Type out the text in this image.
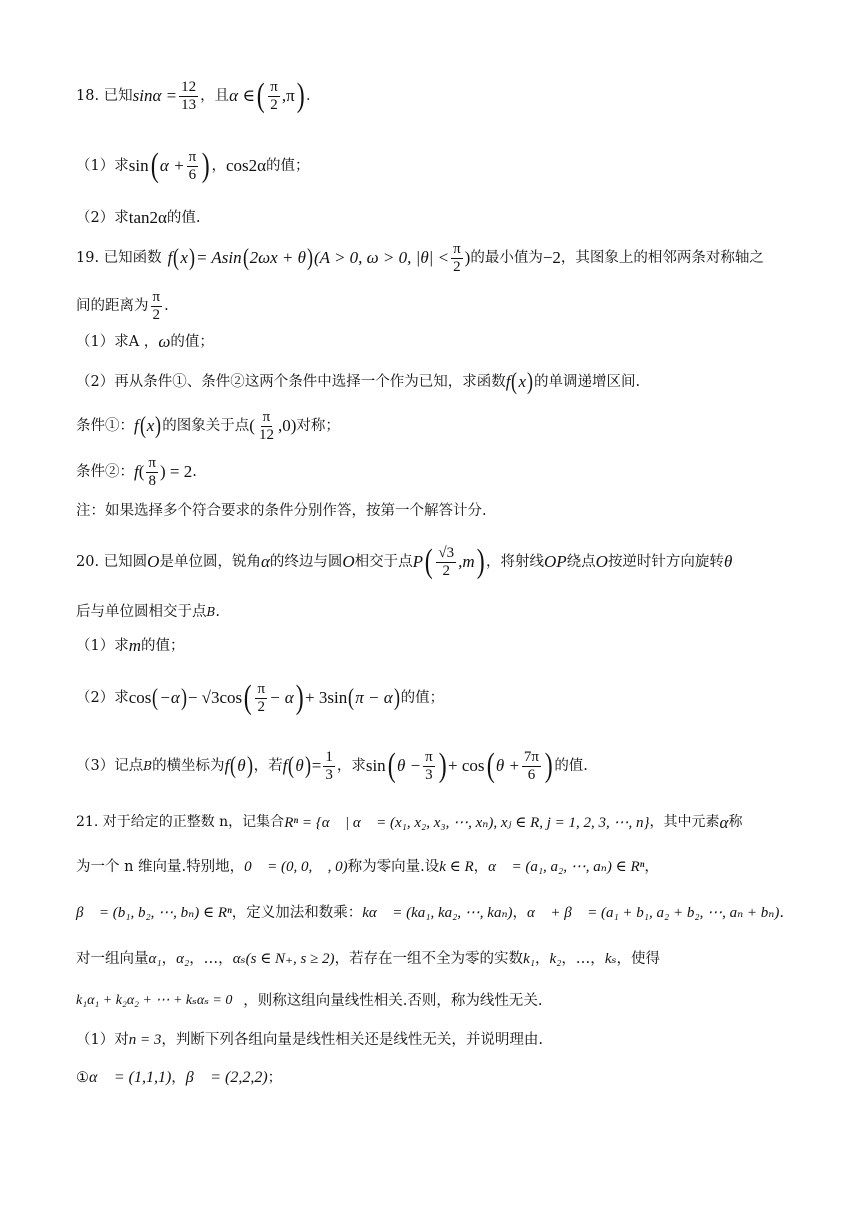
18. 已知 $\sin\alpha = \frac{12}{13}$ ，且 α ∈ ( $\frac{\pi}{2} ,\pi$ ) ．
（1）求 sin ( $\alpha + \frac{\pi}{6}$ ) ， cos2α 的值；
（2）求 tan2α 的值.
19. 已知函数 f ( x ) = Asin ( 2ωx + θ ) (A > 0, ω > 0, $|\theta| < \frac{\pi}{2}$ ) 的最小值为 −2 ，其图象上的相邻两条对称轴之
间的距离为 $\frac{\pi}{2}$ .
（1）求A ， ω 的值；
（2）再从条件①、条件②这两个条件中选择一个作为已知，求函数 f ( x ) 的单调递增区间.
条件①： f ( x ) 的图象关于点 ( $\frac{\pi}{12} ,0$) 对称；
条件②： f ( $\frac{\pi}{8}$ ) = 2 .
注：如果选择多个符合要求的条件分别作答，按第一个解答计分.
20. 已知圆 O 是单位圆，锐角 α 的终边与圆 O 相交于点 P ( $\frac{√3}{2} ,m$ ) ，将射线 OP 绕点 O 按逆时针方向旋转 θ
后与单位圆相交于点 B .
（1）求 m 的值；
（2）求 cos ( −α ) − √3cos ( $\frac{\pi}{2} - \alpha$ ) + 3sin ( π − α ) 的值；
（3）记点 B 的横坐标为 f ( θ ) ，若 f ( θ ) = $\frac{1}{3}$ ，求 sin ( $\theta - \frac{\pi}{3}$ ) + cos ( $\theta + \frac{7\pi}{6}$ ) 的值.
21. 对于给定的正整数 n，记集合 Rⁿ = {α⃗ | α⃗ = (x₁, x₂, x₃, ⋯, xₙ), xⱼ ∈ R, j = 1, 2, 3, ⋯, n} ，其中元素 α 称
为一个 n 维向量.特别地， 0⃗ = (0, 0, ⋯, 0) 称为零向量.设 k ∈ R ， α⃗ = (a₁, a₂, ⋯, aₙ) ∈ Rⁿ ，
β⃗ = (b₁, b₂, ⋯, bₙ) ∈ Rⁿ ，定义加法和数乘： kα⃗ = (ka₁, ka₂, ⋯, kaₙ) ， α⃗ + β⃗ = (a₁ + b₁, a₂ + b₂, ⋯, aₙ + bₙ) .
对一组向量 α₁ ， α₂ ，…， αₛ (s ∈ N₊, s ≥ 2) ，若存在一组不全为零的实数 k₁ ， k₂ ，…， kₛ ，使得
k₁α₁ + k₂α₂ + ⋯ + kₛαₛ = 0⃗ ，则称这组向量线性相关.否则，称为线性无关.
（1）对 n = 3 ，判断下列各组向量是线性相关还是线性无关，并说明理由.
① α⃗ = (1,1,1) ， β⃗ = (2,2,2) ；
